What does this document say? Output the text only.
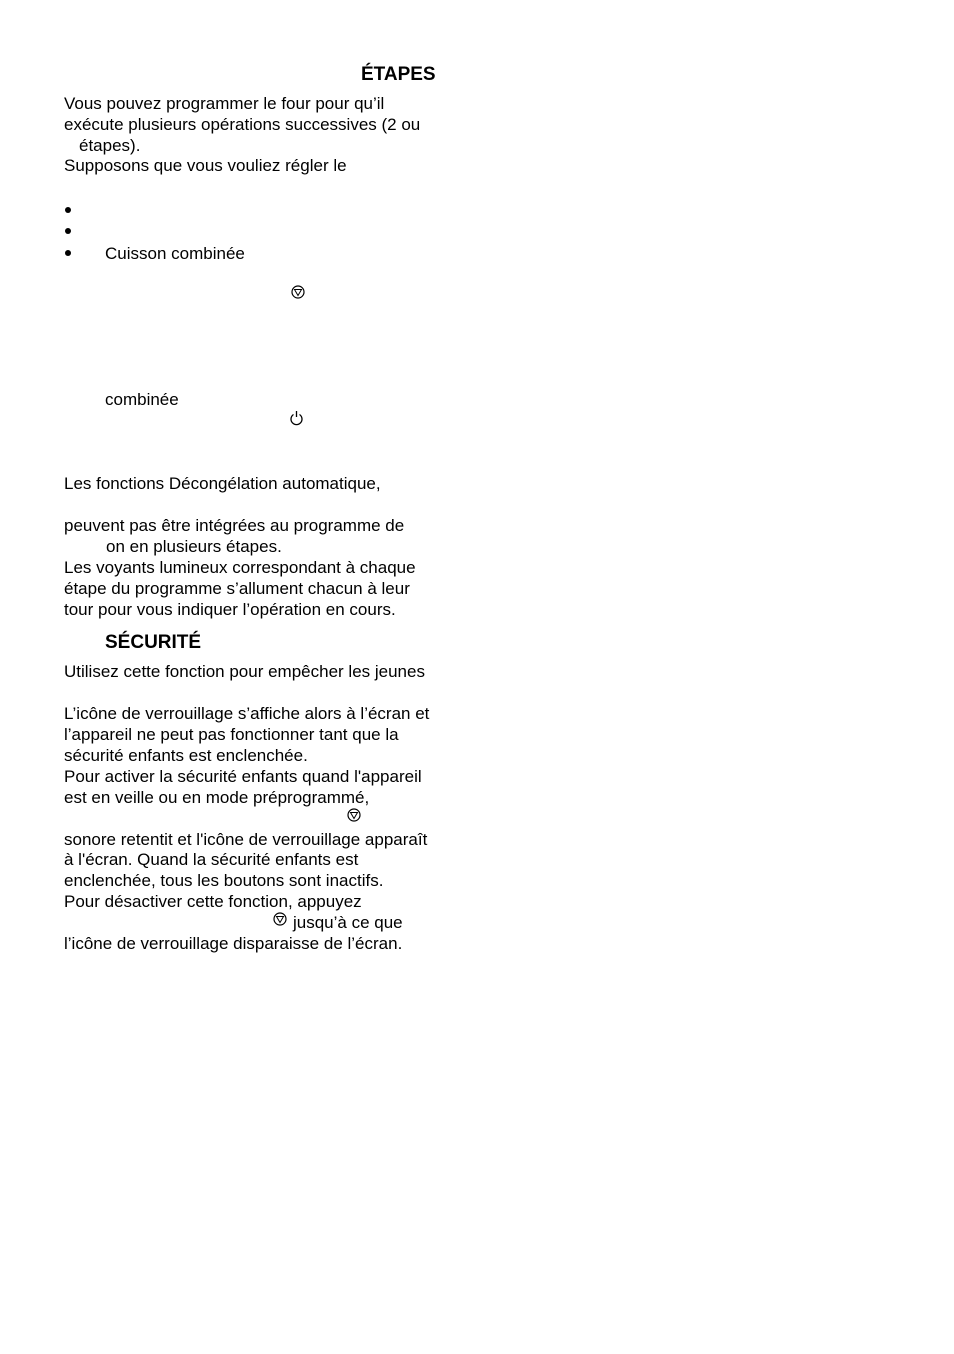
ÉTAPES
Vous pouvez programmer le four pour qu’il
exécute plusieurs opérations successives (2 ou
étapes).
Supposons que vous vouliez régler le
Cuisson combinée
combinée
Les fonctions Décongélation automatique,
peuvent pas être intégrées au programme de
on en plusieurs étapes.
Les voyants lumineux correspondant à chaque
étape du programme s’allument chacun à leur
tour pour vous indiquer l’opération en cours.
SÉCURITÉ
Utilisez cette fonction pour empêcher les jeunes
L’icône de verrouillage s’affiche alors à l’écran et
l’appareil ne peut pas fonctionner tant que la
sécurité enfants est enclenchée.
Pour activer la sécurité enfants quand l'appareil
est en veille ou en mode préprogrammé,
sonore retentit et l'icône de verrouillage apparaît
à l'écran. Quand la sécurité enfants est
enclenchée, tous les boutons sont inactifs.
Pour désactiver cette fonction, appuyez
jusqu’à ce que
l’icône de verrouillage disparaisse de l’écran.
